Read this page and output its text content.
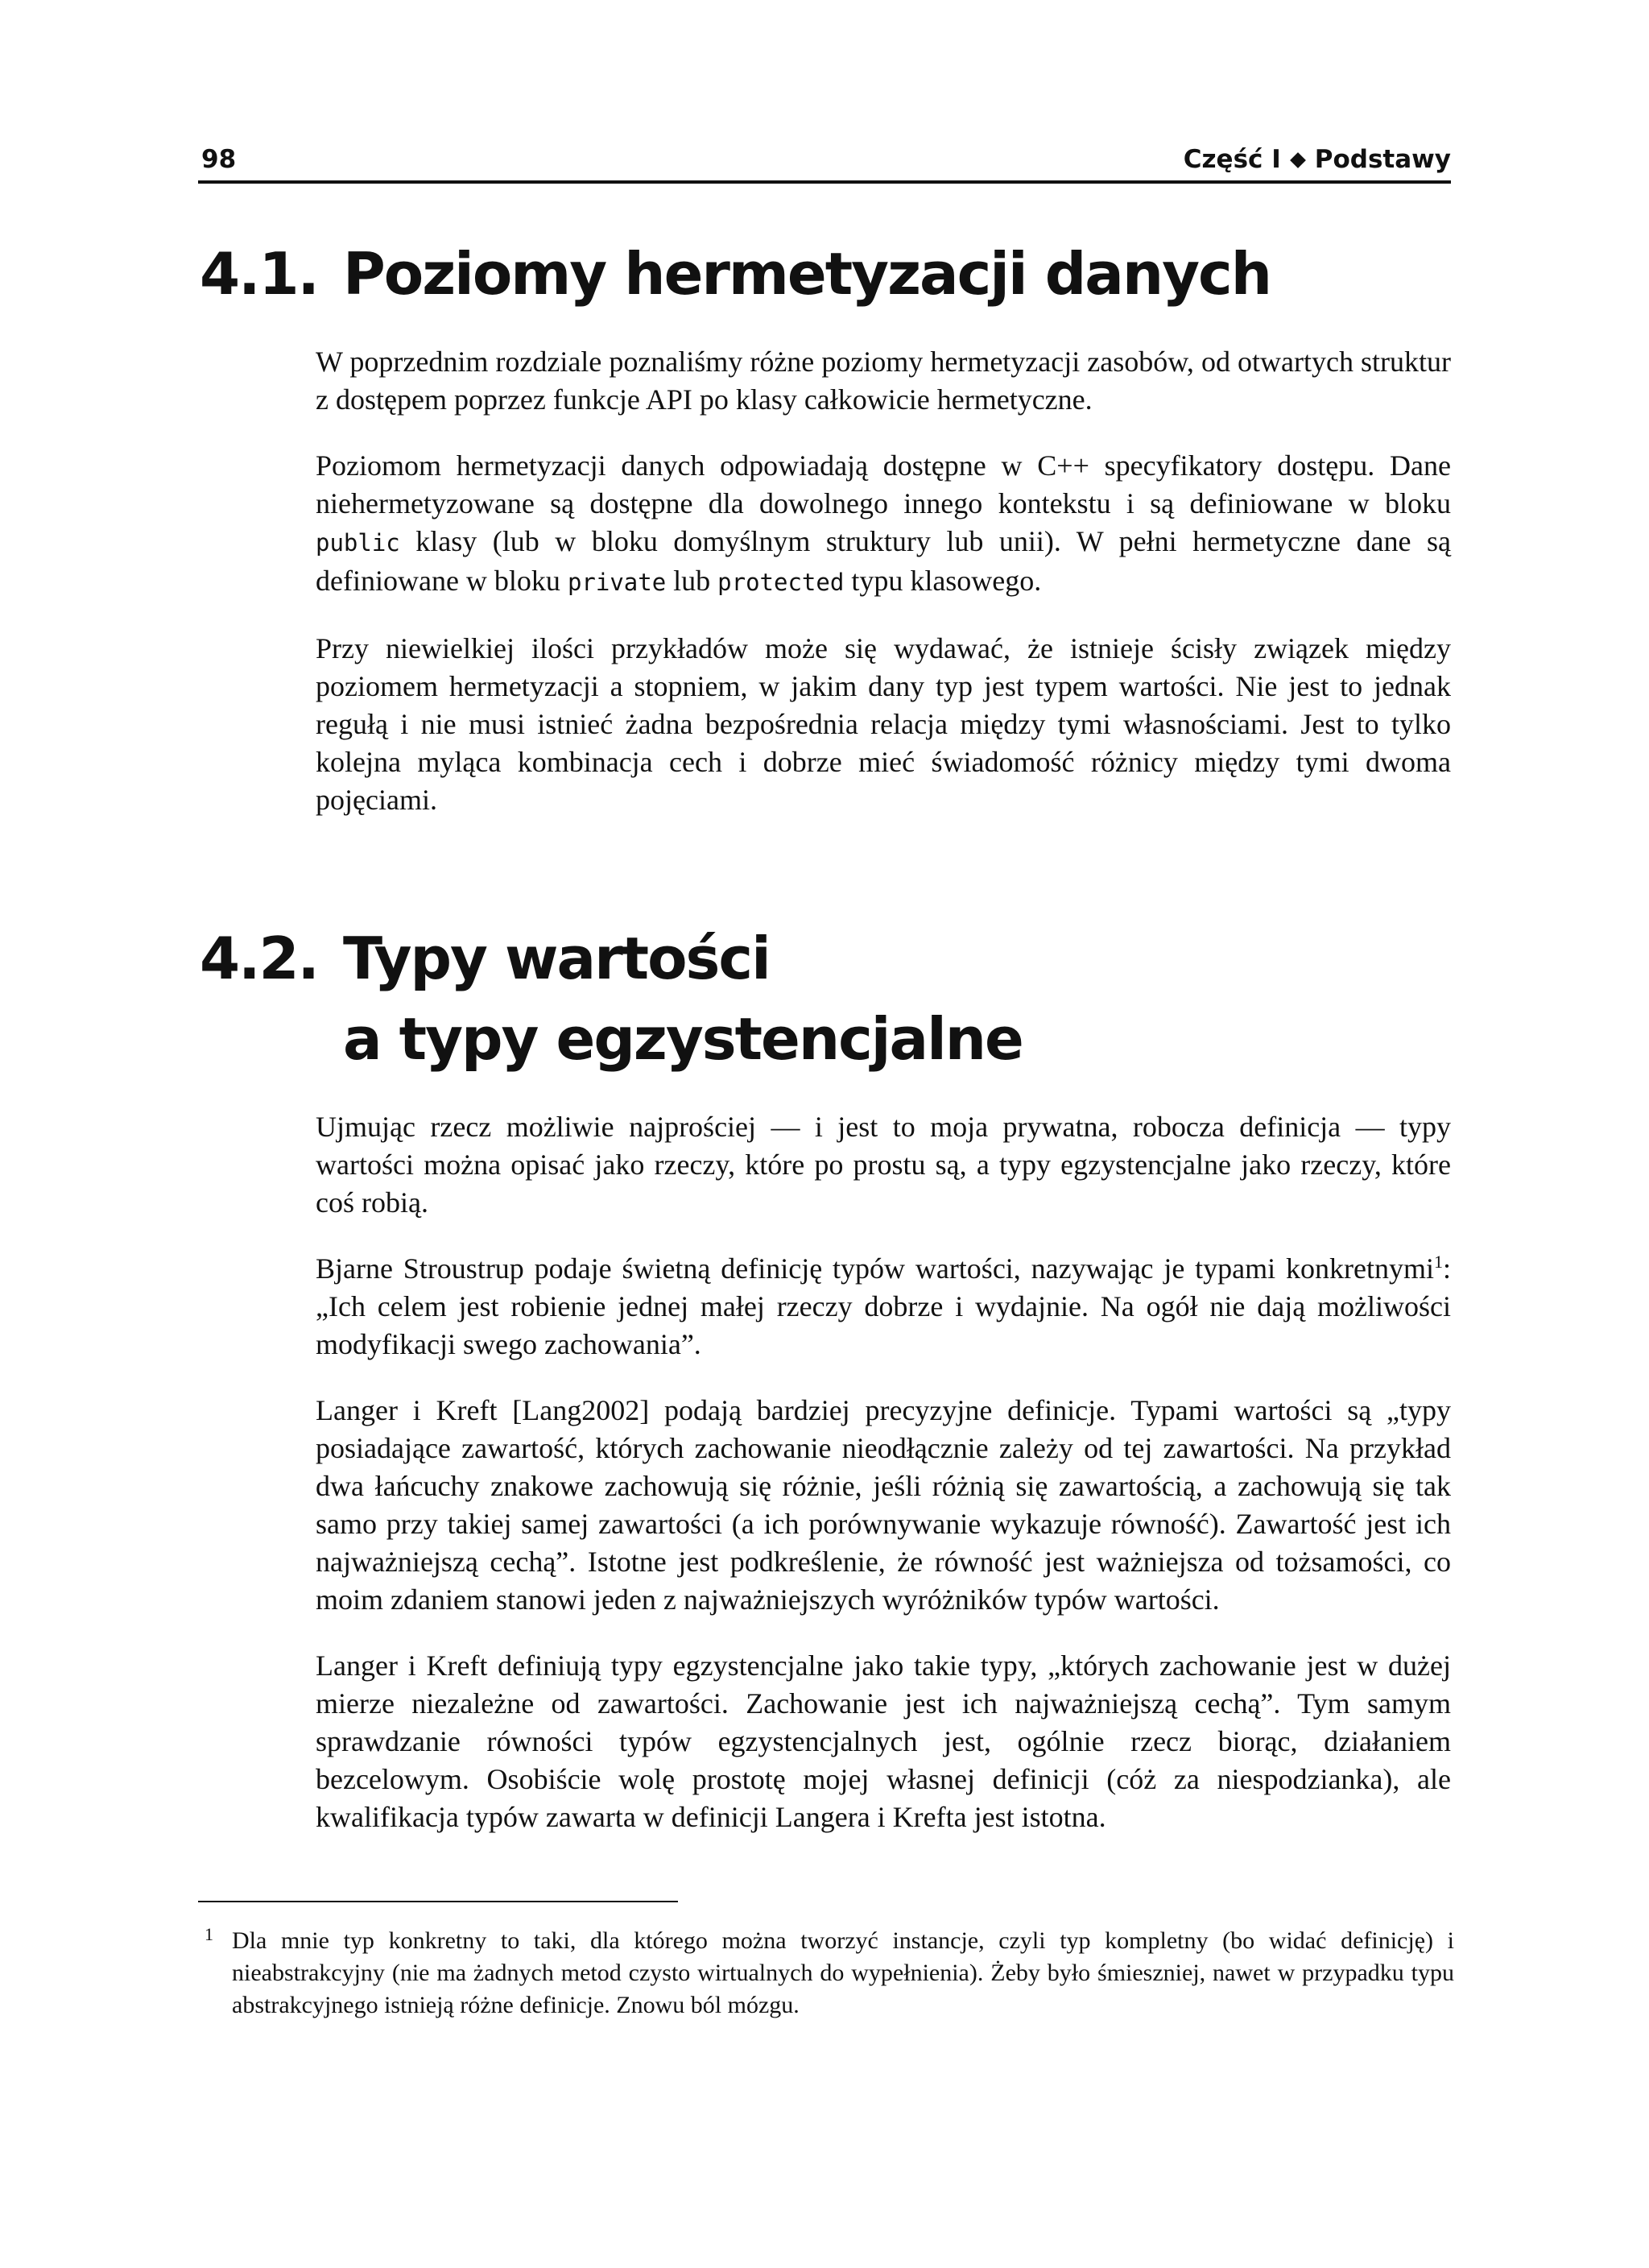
98	Część I Podstawy
4.1. Poziomy hermetyzacji danych

W poprzednim rozdziale poznaliśmy różne poziomy hermetyzacji zasobów, od otwartych struktur z dostępem poprzez funkcje API po klasy całkowicie hermetyczne.

Poziomom hermetyzacji danych odpowiadają dostępne w C++ specyfikatory dostępu. Dane niehermetyzowane są dostępne dla dowolnego innego kontekstu i są definiowane w bloku public klasy (lub w bloku domyślnym struktury lub unii). W pełni hermetyczne dane są definiowane w bloku private lub protected typu klasowego.

Przy niewielkiej ilości przykładów może się wydawać, że istnieje ścisły związek między poziomem hermetyzacji a stopniem, w jakim dany typ jest typem wartości. Nie jest to jednak regułą i nie musi istnieć żadna bezpośrednia relacja między tymi własnościami. Jest to tylko kolejna myląca kombinacja cech i dobrze mieć świadomość różnicy między tymi dwoma pojęciami.

4.2. Typy wartości
a typy egzystencjalne

Ujmując rzecz możliwie najprościej — i jest to moja prywatna, robocza definicja — typy wartości można opisać jako rzeczy, które po prostu są, a typy egzystencjalne jako rzeczy, które coś robią.

Bjarne Stroustrup podaje świetną definicję typów wartości, nazywając je typami konkretnymi$^1$: „Ich celem jest robienie jednej małej rzeczy dobrze i wydajnie. Na ogół nie dają możliwości modyfikacji swego zachowania”.

Langer i Kreft [Lang2002] podają bardziej precyzyjne definicje. Typami wartości są „typy posiadające zawartość, których zachowanie nieodłącznie zależy od tej zawartości. Na przykład dwa łańcuchy znakowe zachowują się różnie, jeśli różnią się zawartością, a zachowują się tak samo przy takiej samej zawartości (a ich porównywanie wykazuje równość). Zawartość jest ich najważniejszą cechą”. Istotne jest podkreślenie, że równość jest ważniejsza od tożsamości, co moim zdaniem stanowi jeden z najważniejszych wyróżników typów wartości.

Langer i Kreft definiują typy egzystencjalne jako takie typy, „których zachowanie jest w dużej mierze niezależne od zawartości. Zachowanie jest ich najważniejszą cechą”. Tym samym sprawdzanie równości typów egzystencjalnych jest, ogólnie rzecz biorąc, działaniem bezcelowym. Osobiście wolę prostotę mojej własnej definicji (cóż za niespodzianka), ale kwalifikacja typów zawarta w definicji Langera i Krefta jest istotna.

1 Dla mnie typ konkretny to taki, dla którego można tworzyć instancje, czyli typ kompletny (bo widać definicję) i nieabstrakcyjny (nie ma żadnych metod czysto wirtualnych do wypełnienia). Żeby było śmieszniej, nawet w przypadku typu abstrakcyjnego istnieją różne definicje. Znowu ból mózgu.
